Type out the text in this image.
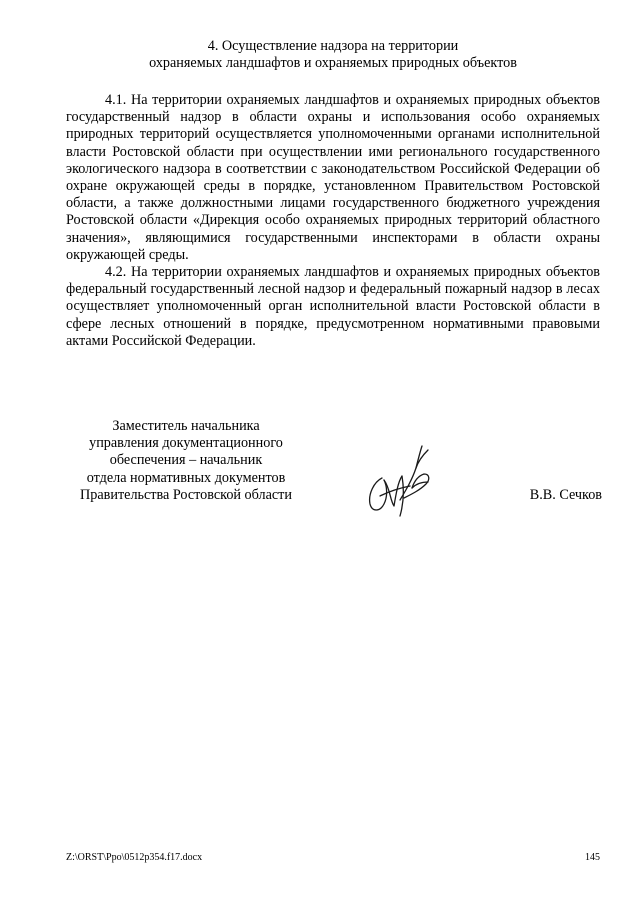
4. Осуществление надзора на территории
охраняемых ландшафтов и охраняемых природных объектов

4.1. На территории охраняемых ландшафтов и охраняемых природных объектов государственный надзор в области охраны и использования особо охраняемых природных территорий осуществляется уполномоченными органами исполнительной власти Ростовской области при осуществлении ими регионального государственного экологического надзора в соответствии с законодательством Российской Федерации об охране окружающей среды в порядке, установленном Правительством Ростовской области, а также должностными лицами государственного бюджетного учреждения Ростовской области «Дирекция особо охраняемых природных территорий областного значения», являющимися государственными инспекторами в области охраны окружающей среды.

4.2. На территории охраняемых ландшафтов и охраняемых природных объектов федеральный государственный лесной надзор и федеральный пожарный надзор в лесах осуществляет уполномоченный орган исполнительной власти Ростовской области в сфере лесных отношений в порядке, предусмотренном нормативными правовыми актами Российской Федерации.

Заместитель начальника
управления документационного
обеспечения – начальник
отдела нормативных документов
Правительства Ростовской области	В.В. Сечков
Z:\ORST\Ppo\0512p354.f17.docx	145
